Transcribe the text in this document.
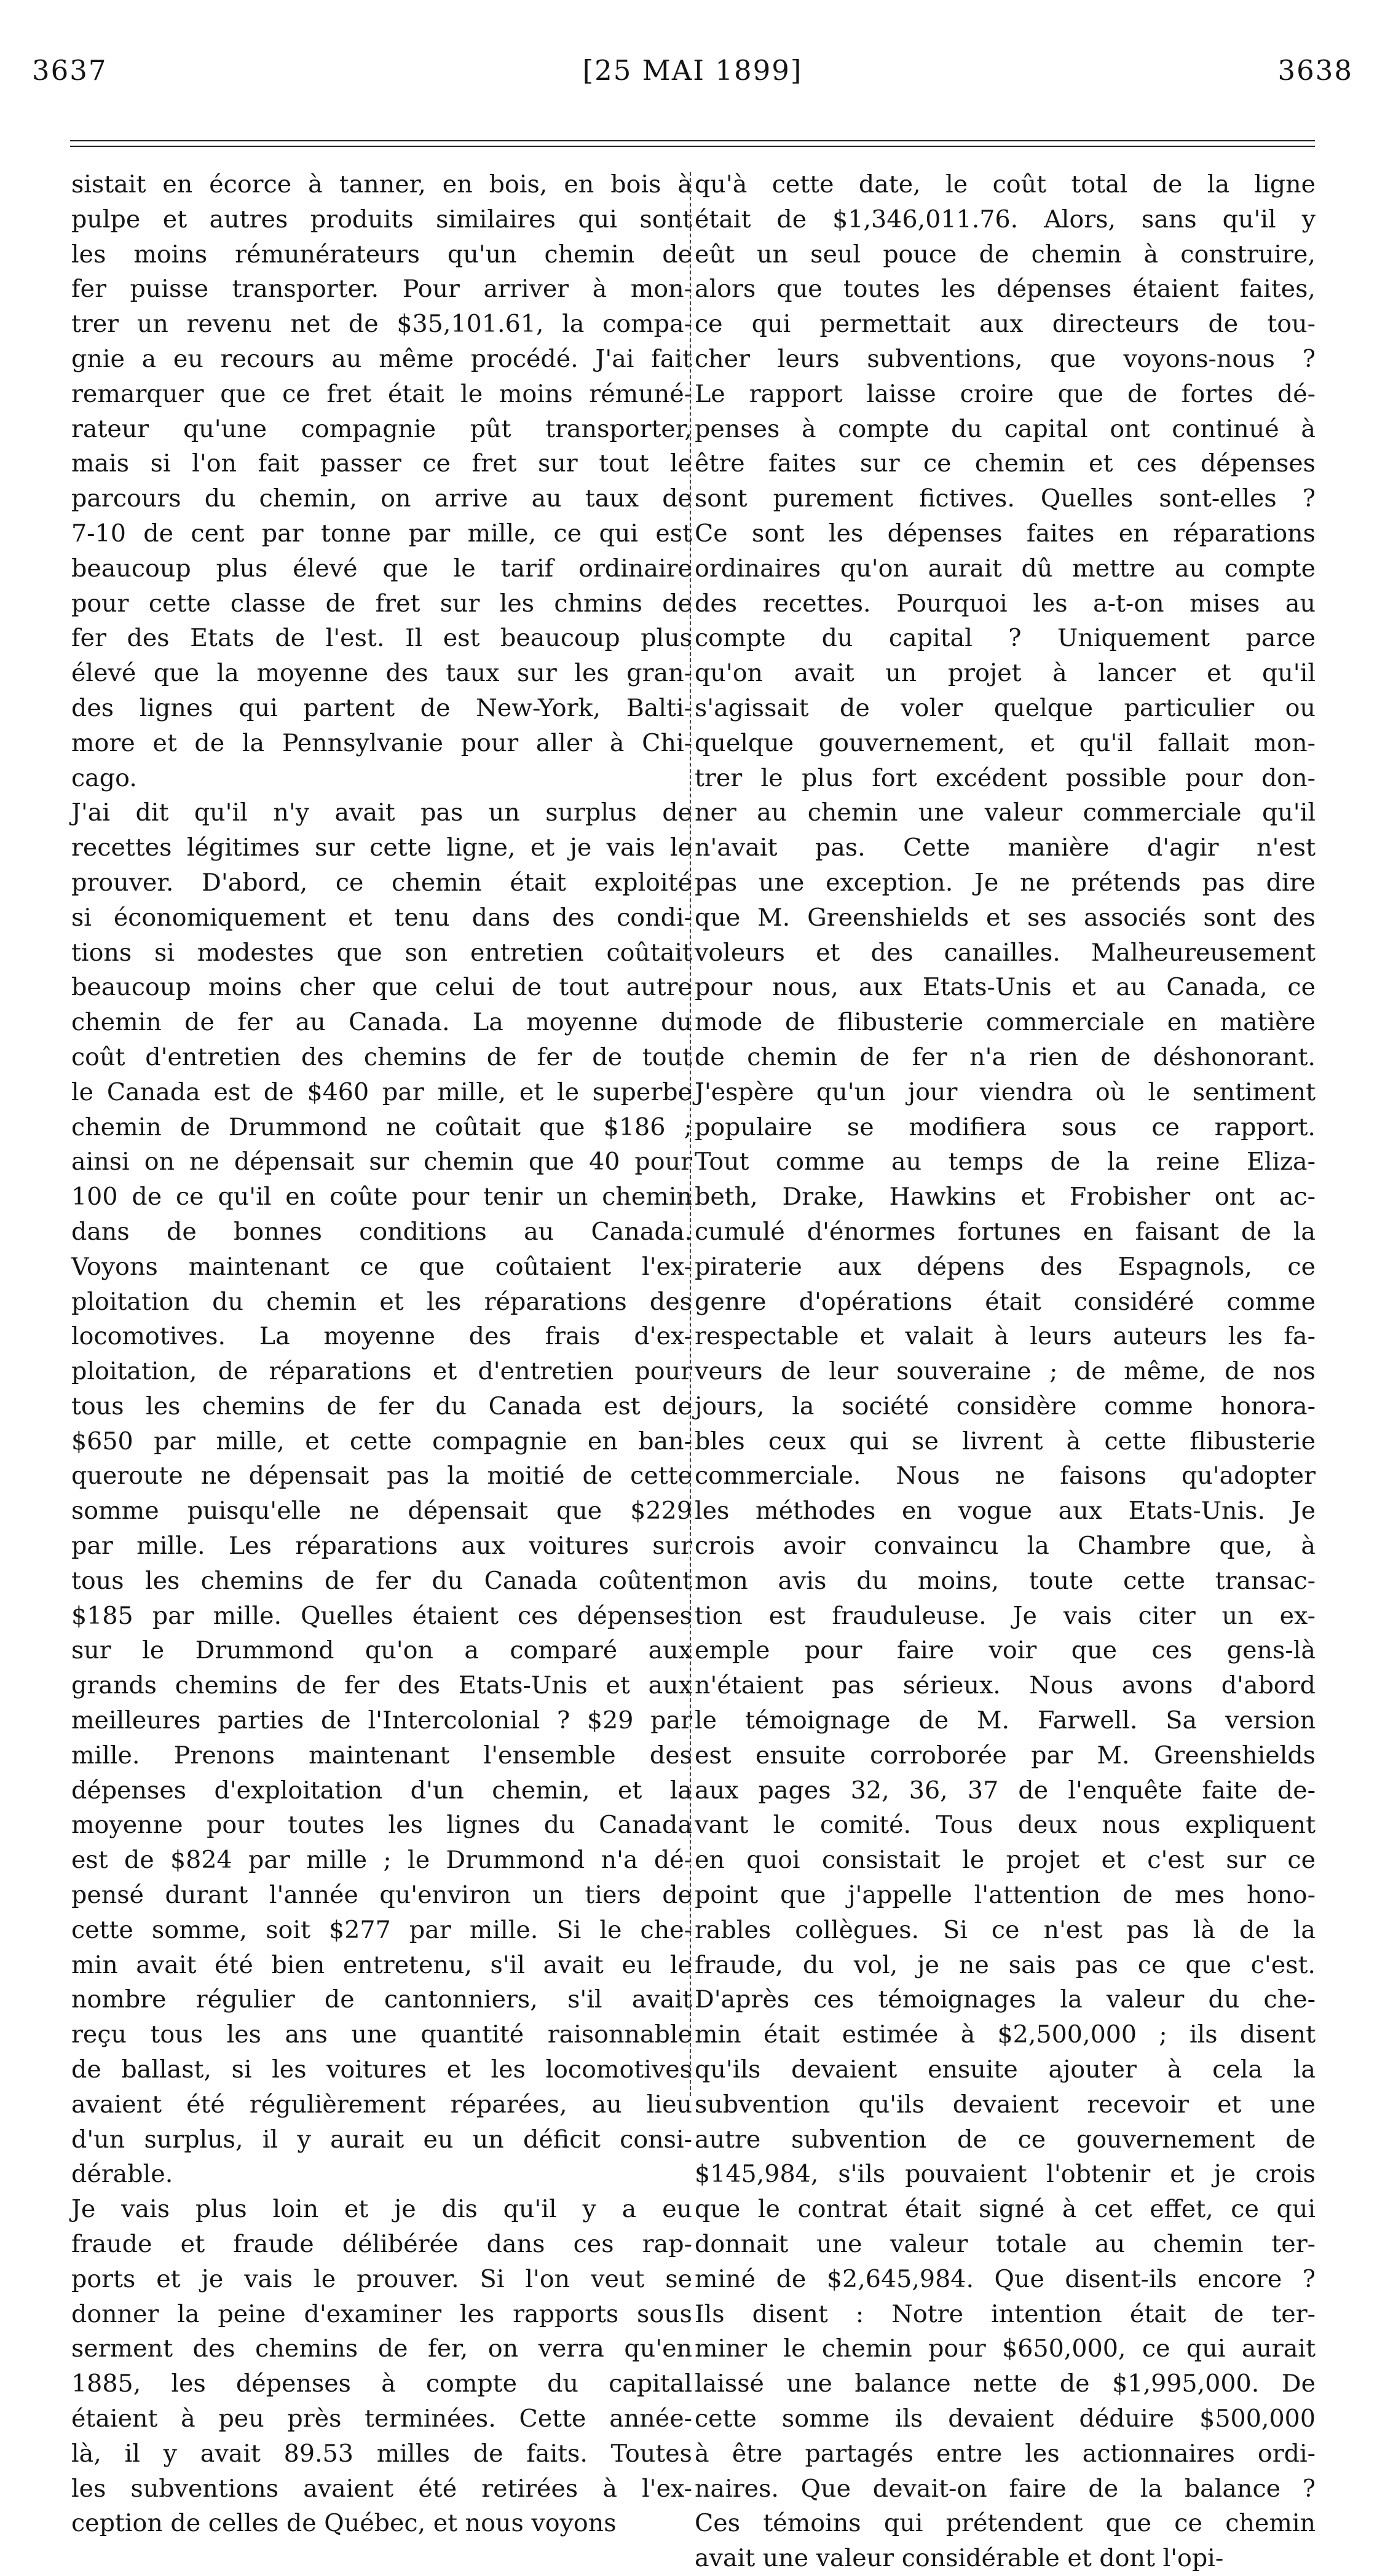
3637	[25 MAI 1899]	3638
sistait en écorce à tanner, en bois, en bois à
pulpe et autres produits similaires qui sont
les moins rémunérateurs qu'un chemin de
fer puisse transporter. Pour arriver à mon-
trer un revenu net de $35,101.61, la compa-
gnie a eu recours au même procédé. J'ai fait
remarquer que ce fret était le moins rémuné-
rateur qu'une compagnie pût transporter,
mais si l'on fait passer ce fret sur tout le
parcours du chemin, on arrive au taux de
7-10 de cent par tonne par mille, ce qui est
beaucoup plus élevé que le tarif ordinaire
pour cette classe de fret sur les chmins de
fer des Etats de l'est. Il est beaucoup plus
élevé que la moyenne des taux sur les gran-
des lignes qui partent de New-York, Balti-
more et de la Pennsylvanie pour aller à Chi-
cago.
J'ai dit qu'il n'y avait pas un surplus de
recettes légitimes sur cette ligne, et je vais le
prouver. D'abord, ce chemin était exploité
si économiquement et tenu dans des condi-
tions si modestes que son entretien coûtait
beaucoup moins cher que celui de tout autre
chemin de fer au Canada. La moyenne du
coût d'entretien des chemins de fer de tout
le Canada est de $460 par mille, et le superbe
chemin de Drummond ne coûtait que $186 ;
ainsi on ne dépensait sur chemin que 40 pour
100 de ce qu'il en coûte pour tenir un chemin
dans de bonnes conditions au Canada.
Voyons maintenant ce que coûtaient l'ex-
ploitation du chemin et les réparations des
locomotives. La moyenne des frais d'ex-
ploitation, de réparations et d'entretien pour
tous les chemins de fer du Canada est de
$650 par mille, et cette compagnie en ban-
queroute ne dépensait pas la moitié de cette
somme puisqu'elle ne dépensait que $229
par mille. Les réparations aux voitures sur
tous les chemins de fer du Canada coûtent
$185 par mille. Quelles étaient ces dépenses
sur le Drummond qu'on a comparé aux
grands chemins de fer des Etats-Unis et aux
meilleures parties de l'Intercolonial ? $29 par
mille. Prenons maintenant l'ensemble des
dépenses d'exploitation d'un chemin, et la
moyenne pour toutes les lignes du Canada
est de $824 par mille ; le Drummond n'a dé-
pensé durant l'année qu'environ un tiers de
cette somme, soit $277 par mille. Si le che-
min avait été bien entretenu, s'il avait eu le
nombre régulier de cantonniers, s'il avait
reçu tous les ans une quantité raisonnable
de ballast, si les voitures et les locomotives
avaient été régulièrement réparées, au lieu
d'un surplus, il y aurait eu un déficit consi-
dérable.
Je vais plus loin et je dis qu'il y a eu
fraude et fraude délibérée dans ces rap-
ports et je vais le prouver. Si l'on veut se
donner la peine d'examiner les rapports sous
serment des chemins de fer, on verra qu'en
1885, les dépenses à compte du capital
étaient à peu près terminées. Cette année-
là, il y avait 89.53 milles de faits. Toutes
les subventions avaient été retirées à l'ex-
ception de celles de Québec, et nous voyons
qu'à cette date, le coût total de la ligne
était de $1,346,011.76. Alors, sans qu'il y
eût un seul pouce de chemin à construire,
alors que toutes les dépenses étaient faites,
ce qui permettait aux directeurs de tou-
cher leurs subventions, que voyons-nous ?
Le rapport laisse croire que de fortes dé-
penses à compte du capital ont continué à
être faites sur ce chemin et ces dépenses
sont purement fictives. Quelles sont-elles ?
Ce sont les dépenses faites en réparations
ordinaires qu'on aurait dû mettre au compte
des recettes. Pourquoi les a-t-on mises au
compte du capital ? Uniquement parce
qu'on avait un projet à lancer et qu'il
s'agissait de voler quelque particulier ou
quelque gouvernement, et qu'il fallait mon-
trer le plus fort excédent possible pour don-
ner au chemin une valeur commerciale qu'il
n'avait pas. Cette manière d'agir n'est
pas une exception. Je ne prétends pas dire
que M. Greenshields et ses associés sont des
voleurs et des canailles. Malheureusement
pour nous, aux Etats-Unis et au Canada, ce
mode de flibusterie commerciale en matière
de chemin de fer n'a rien de déshonorant.
J'espère qu'un jour viendra où le sentiment
populaire se modifiera sous ce rapport.
Tout comme au temps de la reine Eliza-
beth, Drake, Hawkins et Frobisher ont ac-
cumulé d'énormes fortunes en faisant de la
piraterie aux dépens des Espagnols, ce
genre d'opérations était considéré comme
respectable et valait à leurs auteurs les fa-
veurs de leur souveraine ; de même, de nos
jours, la société considère comme honora-
bles ceux qui se livrent à cette flibusterie
commerciale. Nous ne faisons qu'adopter
les méthodes en vogue aux Etats-Unis. Je
crois avoir convaincu la Chambre que, à
mon avis du moins, toute cette transac-
tion est frauduleuse. Je vais citer un ex-
emple pour faire voir que ces gens-là
n'étaient pas sérieux. Nous avons d'abord
le témoignage de M. Farwell. Sa version
est ensuite corroborée par M. Greenshields
aux pages 32, 36, 37 de l'enquête faite de-
vant le comité. Tous deux nous expliquent
en quoi consistait le projet et c'est sur ce
point que j'appelle l'attention de mes hono-
rables collègues. Si ce n'est pas là de la
fraude, du vol, je ne sais pas ce que c'est.
D'après ces témoignages la valeur du che-
min était estimée à $2,500,000 ; ils disent
qu'ils devaient ensuite ajouter à cela la
subvention qu'ils devaient recevoir et une
autre subvention de ce gouvernement de
$145,984, s'ils pouvaient l'obtenir et je crois
que le contrat était signé à cet effet, ce qui
donnait une valeur totale au chemin ter-
miné de $2,645,984. Que disent-ils encore ?
Ils disent : Notre intention était de ter-
miner le chemin pour $650,000, ce qui aurait
laissé une balance nette de $1,995,000. De
cette somme ils devaient déduire $500,000
à être partagés entre les actionnaires ordi-
naires. Que devait-on faire de la balance ?
Ces témoins qui prétendent que ce chemin
avait une valeur considérable et dont l'opi-
